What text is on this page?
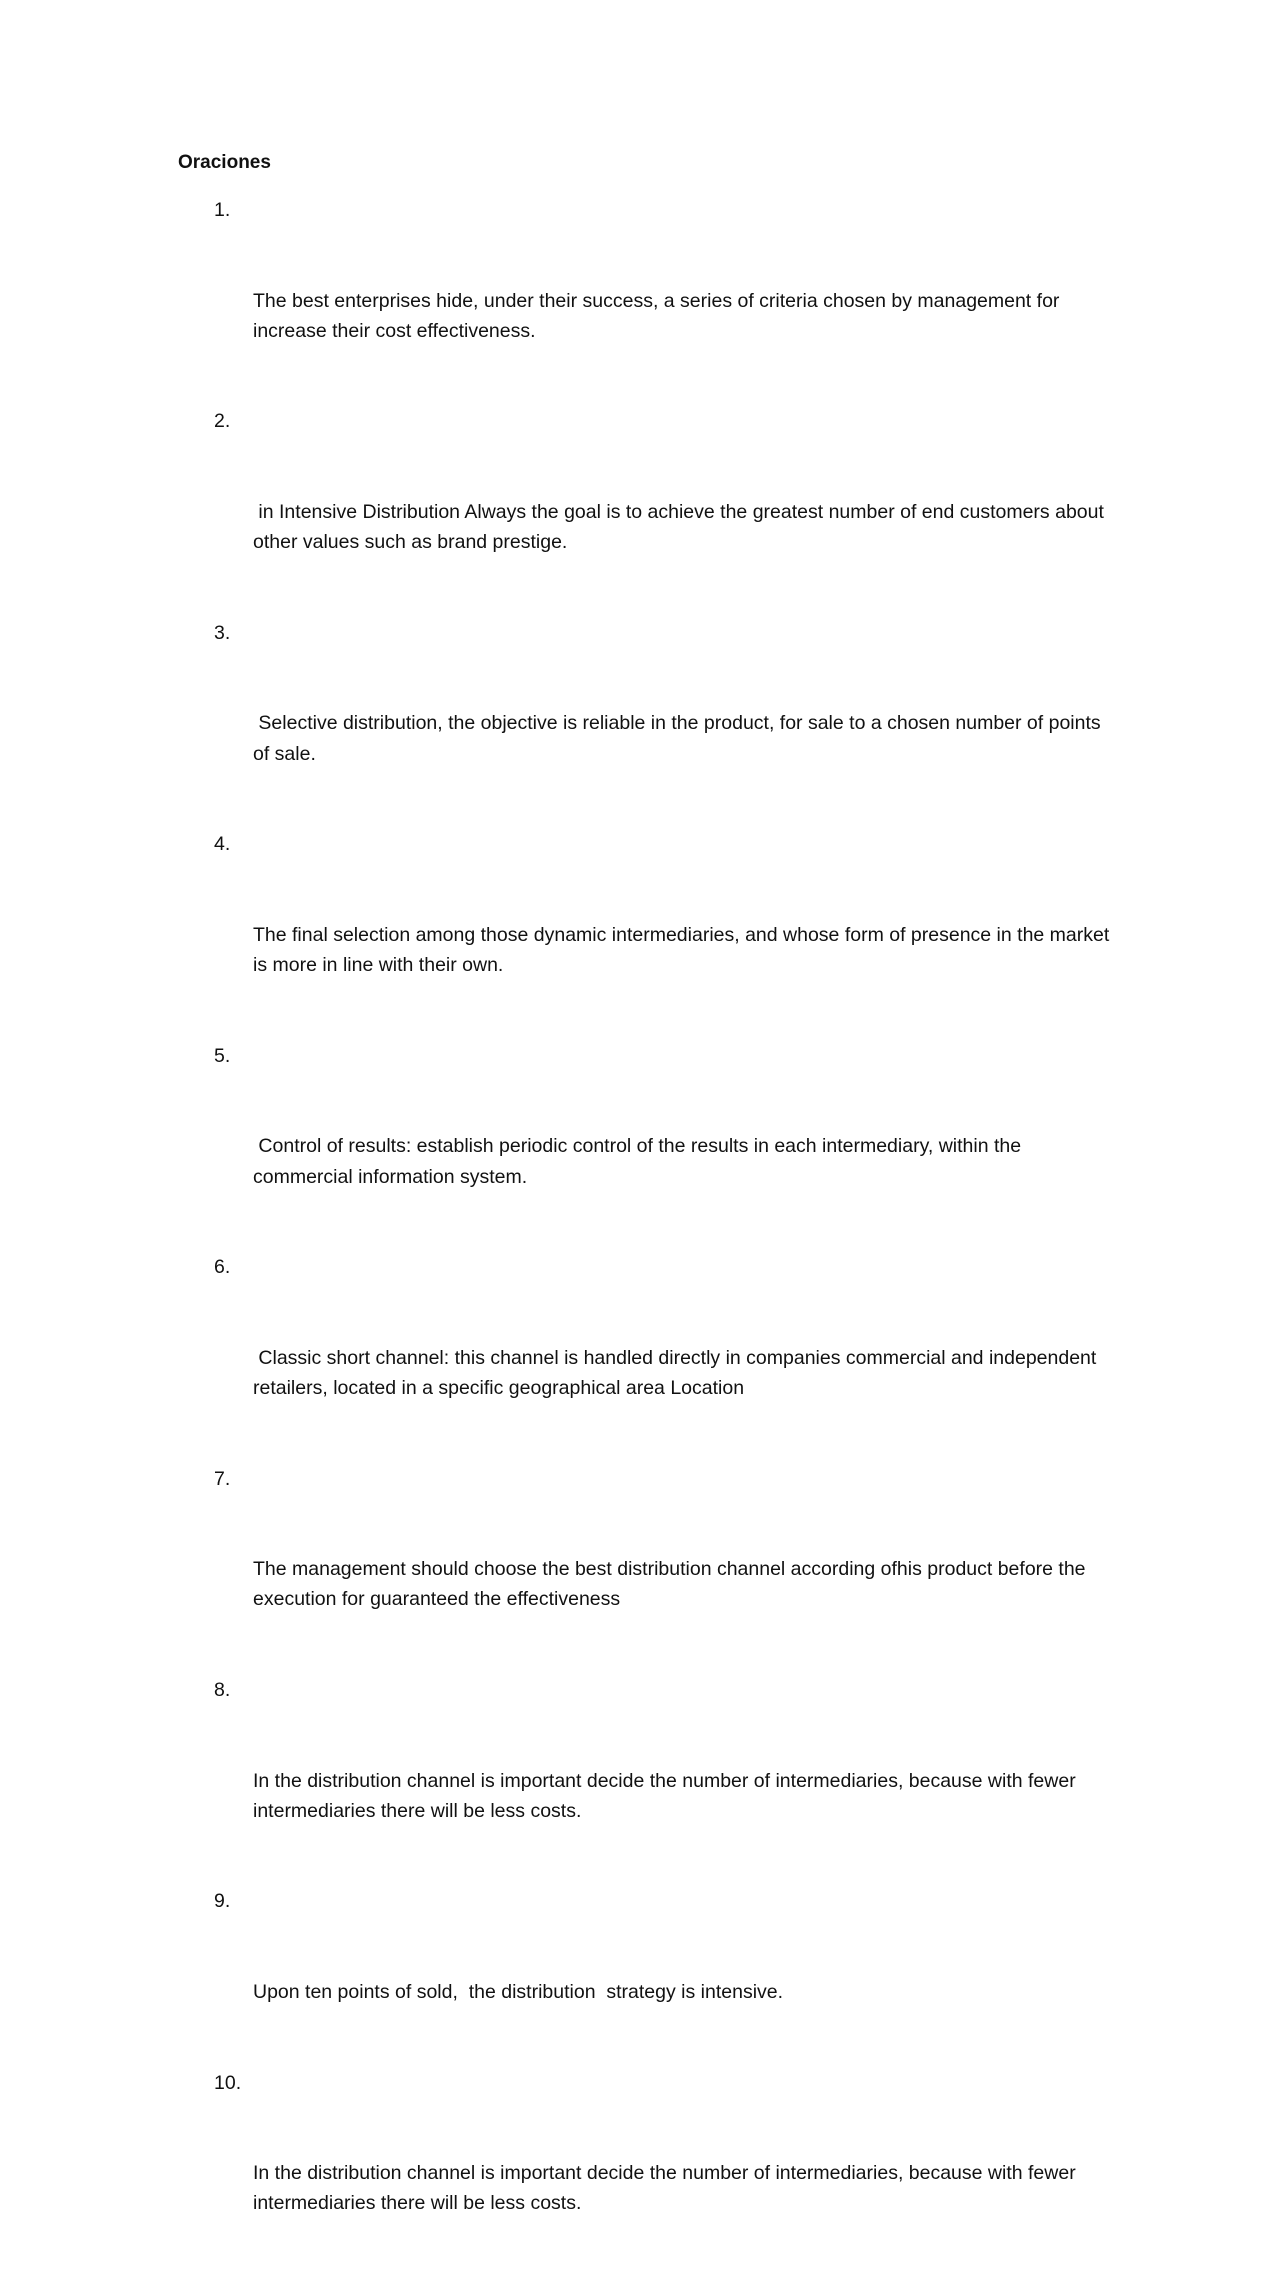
Oraciones

1.

The best enterprises hide, under their success, a series of criteria chosen by management for increase their cost effectiveness.

2.

in Intensive Distribution Always the goal is to achieve the greatest number of end customers about other values such as brand prestige.

3.

Selective distribution, the objective is reliable in the product, for sale to a chosen number of points of sale.

4.

The final selection among those dynamic intermediaries, and whose form of presence in the market is more in line with their own.

5.

Control of results: establish periodic control of the results in each intermediary, within the commercial information system.

6.

Classic short channel: this channel is handled directly in companies commercial and independent retailers, located in a specific geographical area Location

7.

The management should choose the best distribution channel according ofhis product before the execution for guaranteed the effectiveness

8.

In the distribution channel is important decide the number of intermediaries, because with fewer intermediaries there will be less costs.

9.

Upon ten points of sold,  the distribution  strategy is intensive.

10.

In the distribution channel is important decide the number of intermediaries, because with fewer intermediaries there will be less costs.
